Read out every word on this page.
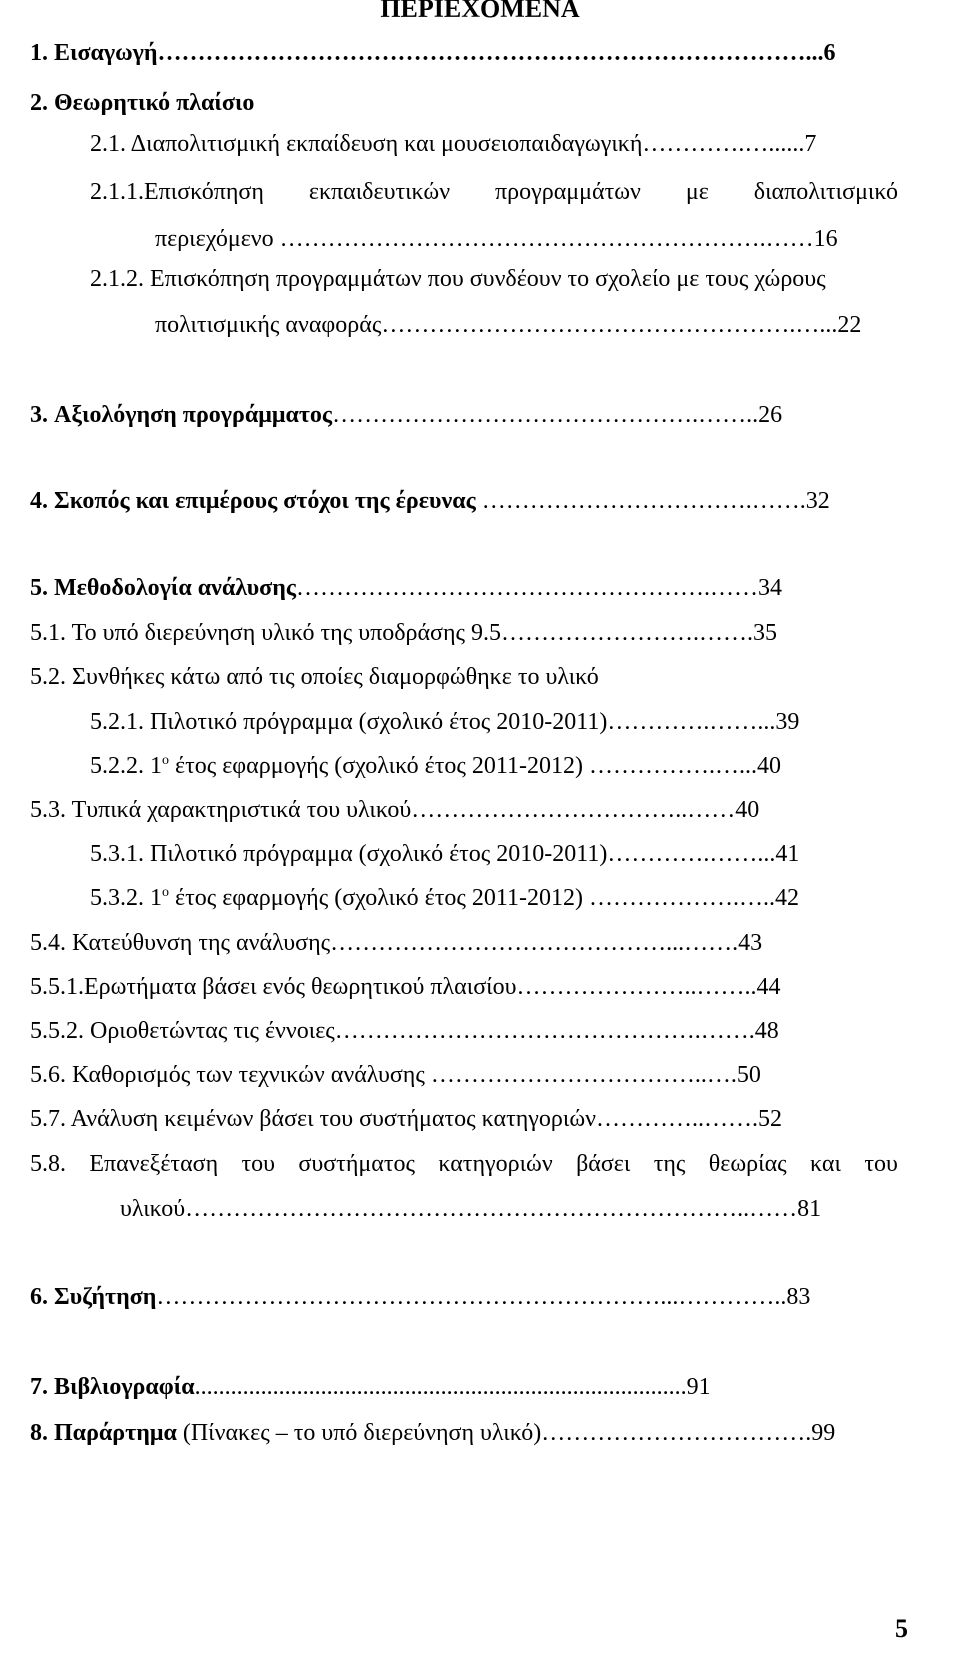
ΠΕΡΙΕΧΟΜΕΝΑ
1. Εισαγωγή………………………………………………………………………...6
2. Θεωρητικό πλαίσιο
2.1. Διαπολιτισμική εκπαίδευση και μουσειοπαιδαγωγική………….…......7
2.1.1.Επισκόπηση εκπαιδευτικών προγραμμάτων με διαπολιτισμικό
περιεχόμενο …………………………………………………….……16
2.1.2. Επισκόπηση προγραμμάτων που συνδέουν το σχολείο με τους χώρους
πολιτισμικής αναφοράς…………………………………………….…...22
3. Αξιολόγηση προγράμματος……………………………………….……..26
4. Σκοπός και επιμέρους στόχοι της έρευνας …………………………….…….32
5. Μεθοδολογία ανάλυσης…………………………………………….……34
5.1. Το υπό διερεύνηση υλικό της υποδράσης 9.5…………………….…….35
5.2. Συνθήκες κάτω από τις οποίες διαμορφώθηκε το υλικό
5.2.1. Πιλοτικό πρόγραμμα (σχολικό έτος 2010-2011)………….……...39
5.2.2. $1^o$ έτος εφαρμογής (σχολικό έτος 2011-2012) …………….…...40
5.3. Τυπικά χαρακτηριστικά του υλικού……………………………..……40
5.3.1. Πιλοτικό πρόγραμμα (σχολικό έτος 2010-2011)………….……...41
5.3.2. $1^o$ έτος εφαρμογής (σχολικό έτος 2011-2012) ……………….…..42
5.4. Κατεύθυνση της ανάλυσης……………………………………...…….43
5.5.1.Ερωτήματα βάσει ενός θεωρητικού πλαισίου…………………..……..44
5.5.2. Οριοθετώντας τις έννοιες……………………………………….…….48
5.6. Καθορισμός των τεχνικών ανάλυσης ……………………………..….50
5.7. Ανάλυση κειμένων βάσει του συστήματος κατηγοριών…………..…….52
5.8. Επανεξέταση του συστήματος κατηγοριών βάσει της θεωρίας και του
υλικού……………………………………………………………..……81
6. Συζήτηση………………………………………………………...…………..83
7. Βιβλιογραφία..................................................................................91
8. Παράρτημα (Πίνακες – το υπό διερεύνηση υλικό)…………………………….99
5
